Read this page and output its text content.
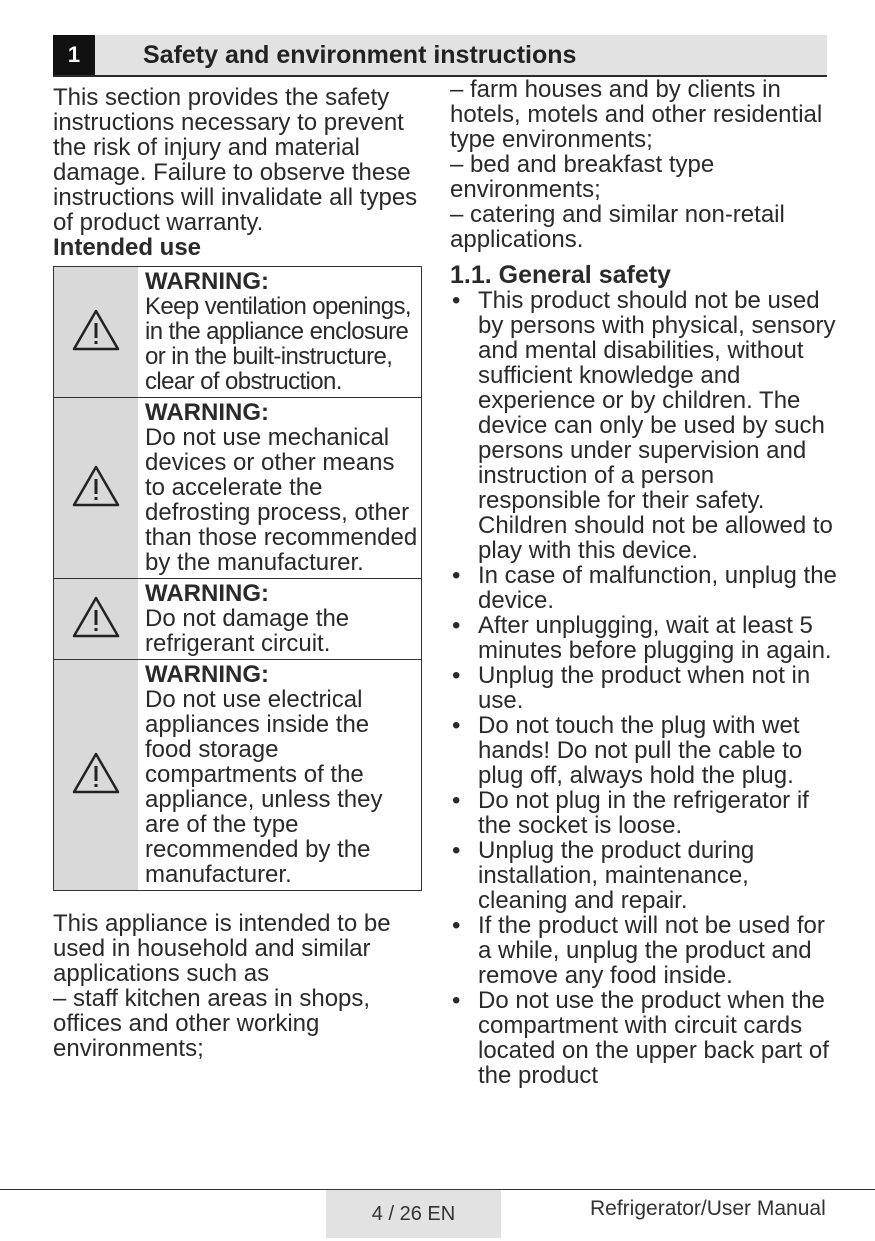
1	Safety and environment instructions

This section provides the safety instructions necessary to prevent the risk of injury and material damage. Failure to observe these instructions will invalidate all types of product warranty.

Intended use

WARNING:
Keep ventilation openings, in the appliance enclosure or in the built-instructure, clear of obstruction.

WARNING:
Do not use mechanical devices or other means to accelerate the defrosting process, other than those recommended by the manufacturer.

WARNING:
Do not damage the refrigerant circuit.

WARNING:
Do not use electrical appliances inside the food storage compartments of the appliance, unless they are of the type recommended by the manufacturer.

This appliance is intended to be used in household and similar applications such as

– staff kitchen areas in shops, offices and other working environments;

– farm houses and by clients in hotels, motels and other residential type environments;

– bed and breakfast type environments;

– catering and similar non-retail applications.

1.1. General safety
• This product should not be used by persons with physical, sensory and mental disabilities, without sufficient knowledge and experience or by children. The device can only be used by such persons under supervision and instruction of a person responsible for their safety. Children should not be allowed to play with this device.
• In case of malfunction, unplug the device.
• After unplugging, wait at least 5 minutes before plugging in again.
• Unplug the product when not in use.
• Do not touch the plug with wet hands! Do not pull the cable to plug off, always hold the plug.
• Do not plug in the refrigerator if the socket is loose.
• Unplug the product during installation, maintenance, cleaning and repair.
• If the product will not be used for a while, unplug the product and remove any food inside.
• Do not use the product when the compartment with circuit cards located on the upper back part of the product
4 / 26 EN	Refrigerator/User Manual
